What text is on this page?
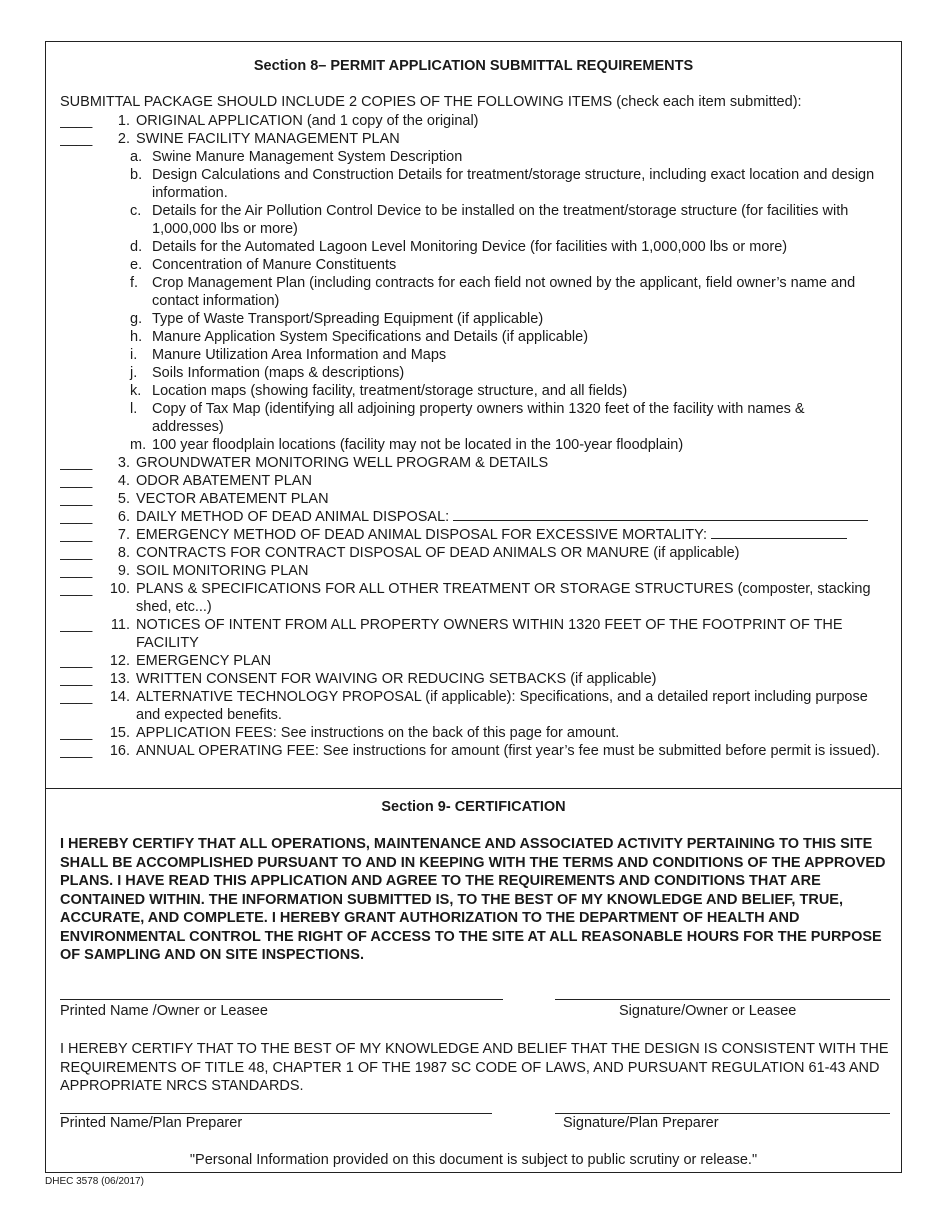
Section 8– PERMIT APPLICATION SUBMITTAL REQUIREMENTS
SUBMITTAL PACKAGE SHOULD INCLUDE 2 COPIES OF THE FOLLOWING ITEMS (check each item submitted):
____	1. ORIGINAL APPLICATION (and 1 copy of the original)
____	2. SWINE FACILITY MANAGEMENT PLAN
a. Swine Manure Management System Description
b. Design Calculations and Construction Details for treatment/storage structure, including exact location and design information.
c. Details for the Air Pollution Control Device to be installed on the treatment/storage structure (for facilities with 1,000,000 lbs or more)
d. Details for the Automated Lagoon Level Monitoring Device (for facilities with 1,000,000 lbs or more)
e. Concentration of Manure Constituents
f. Crop Management Plan (including contracts for each field not owned by the applicant, field owner’s name and contact information)
g. Type of Waste Transport/Spreading Equipment (if applicable)
h. Manure Application System Specifications and Details (if applicable)
i.	Manure Utilization Area Information and Maps
j.	Soils Information (maps & descriptions)
k. Location maps (showing facility, treatment/storage structure, and all fields)
l.	Copy of Tax Map (identifying all adjoining property owners within 1320 feet of the facility with names & addresses)
m. 100 year floodplain locations (facility may not be located in the 100-year floodplain)
____	3. GROUNDWATER MONITORING WELL PROGRAM & DETAILS
____	4. ODOR ABATEMENT PLAN
____	5. VECTOR ABATEMENT PLAN
____	6. DAILY METHOD OF DEAD ANIMAL DISPOSAL:
____	7. EMERGENCY METHOD OF DEAD ANIMAL DISPOSAL FOR EXCESSIVE MORTALITY:
____	8. CONTRACTS FOR CONTRACT DISPOSAL OF DEAD ANIMALS OR MANURE (if applicable)
____	9. SOIL MONITORING PLAN
____	10. PLANS & SPECIFICATIONS FOR ALL OTHER TREATMENT OR STORAGE STRUCTURES (composter, stacking shed, etc...)
____	11. NOTICES OF INTENT FROM ALL PROPERTY OWNERS WITHIN 1320 FEET OF THE FOOTPRINT OF THE FACILITY
____	12. EMERGENCY PLAN
____	13. WRITTEN CONSENT FOR WAIVING OR REDUCING SETBACKS (if applicable)
____	14. ALTERNATIVE TECHNOLOGY PROPOSAL (if applicable): Specifications, and a detailed report including purpose and expected benefits.
____	15. APPLICATION FEES: See instructions on the back of this page for amount.
____	16. ANNUAL OPERATING FEE: See instructions for amount (first year’s fee must be submitted before permit is issued).
Section 9- CERTIFICATION
I HEREBY CERTIFY THAT ALL OPERATIONS, MAINTENANCE AND ASSOCIATED ACTIVITY PERTAINING TO THIS SITE SHALL BE ACCOMPLISHED PURSUANT TO AND IN KEEPING WITH THE TERMS AND CONDITIONS OF THE APPROVED PLANS. I HAVE READ THIS APPLICATION AND AGREE TO THE REQUIREMENTS AND CONDITIONS THAT ARE CONTAINED WITHIN. THE INFORMATION SUBMITTED IS, TO THE BEST OF MY KNOWLEDGE AND BELIEF, TRUE, ACCURATE, AND COMPLETE. I HEREBY GRANT AUTHORIZATION TO THE DEPARTMENT OF HEALTH AND ENVIRONMENTAL CONTROL THE RIGHT OF ACCESS TO THE SITE AT ALL REASONABLE HOURS FOR THE PURPOSE OF SAMPLING AND ON SITE INSPECTIONS.
Printed Name /Owner or Leasee	Signature/Owner or Leasee
I HEREBY CERTIFY THAT TO THE BEST OF MY KNOWLEDGE AND BELIEF THAT THE DESIGN IS CONSISTENT WITH THE REQUIREMENTS OF TITLE 48, CHAPTER 1 OF THE 1987 SC CODE OF LAWS, AND PURSUANT REGULATION 61-43 AND APPROPRIATE NRCS STANDARDS.
Printed Name/Plan Preparer	Signature/Plan Preparer
"Personal Information provided on this document is subject to public scrutiny or release."
DHEC 3578 (06/2017)
